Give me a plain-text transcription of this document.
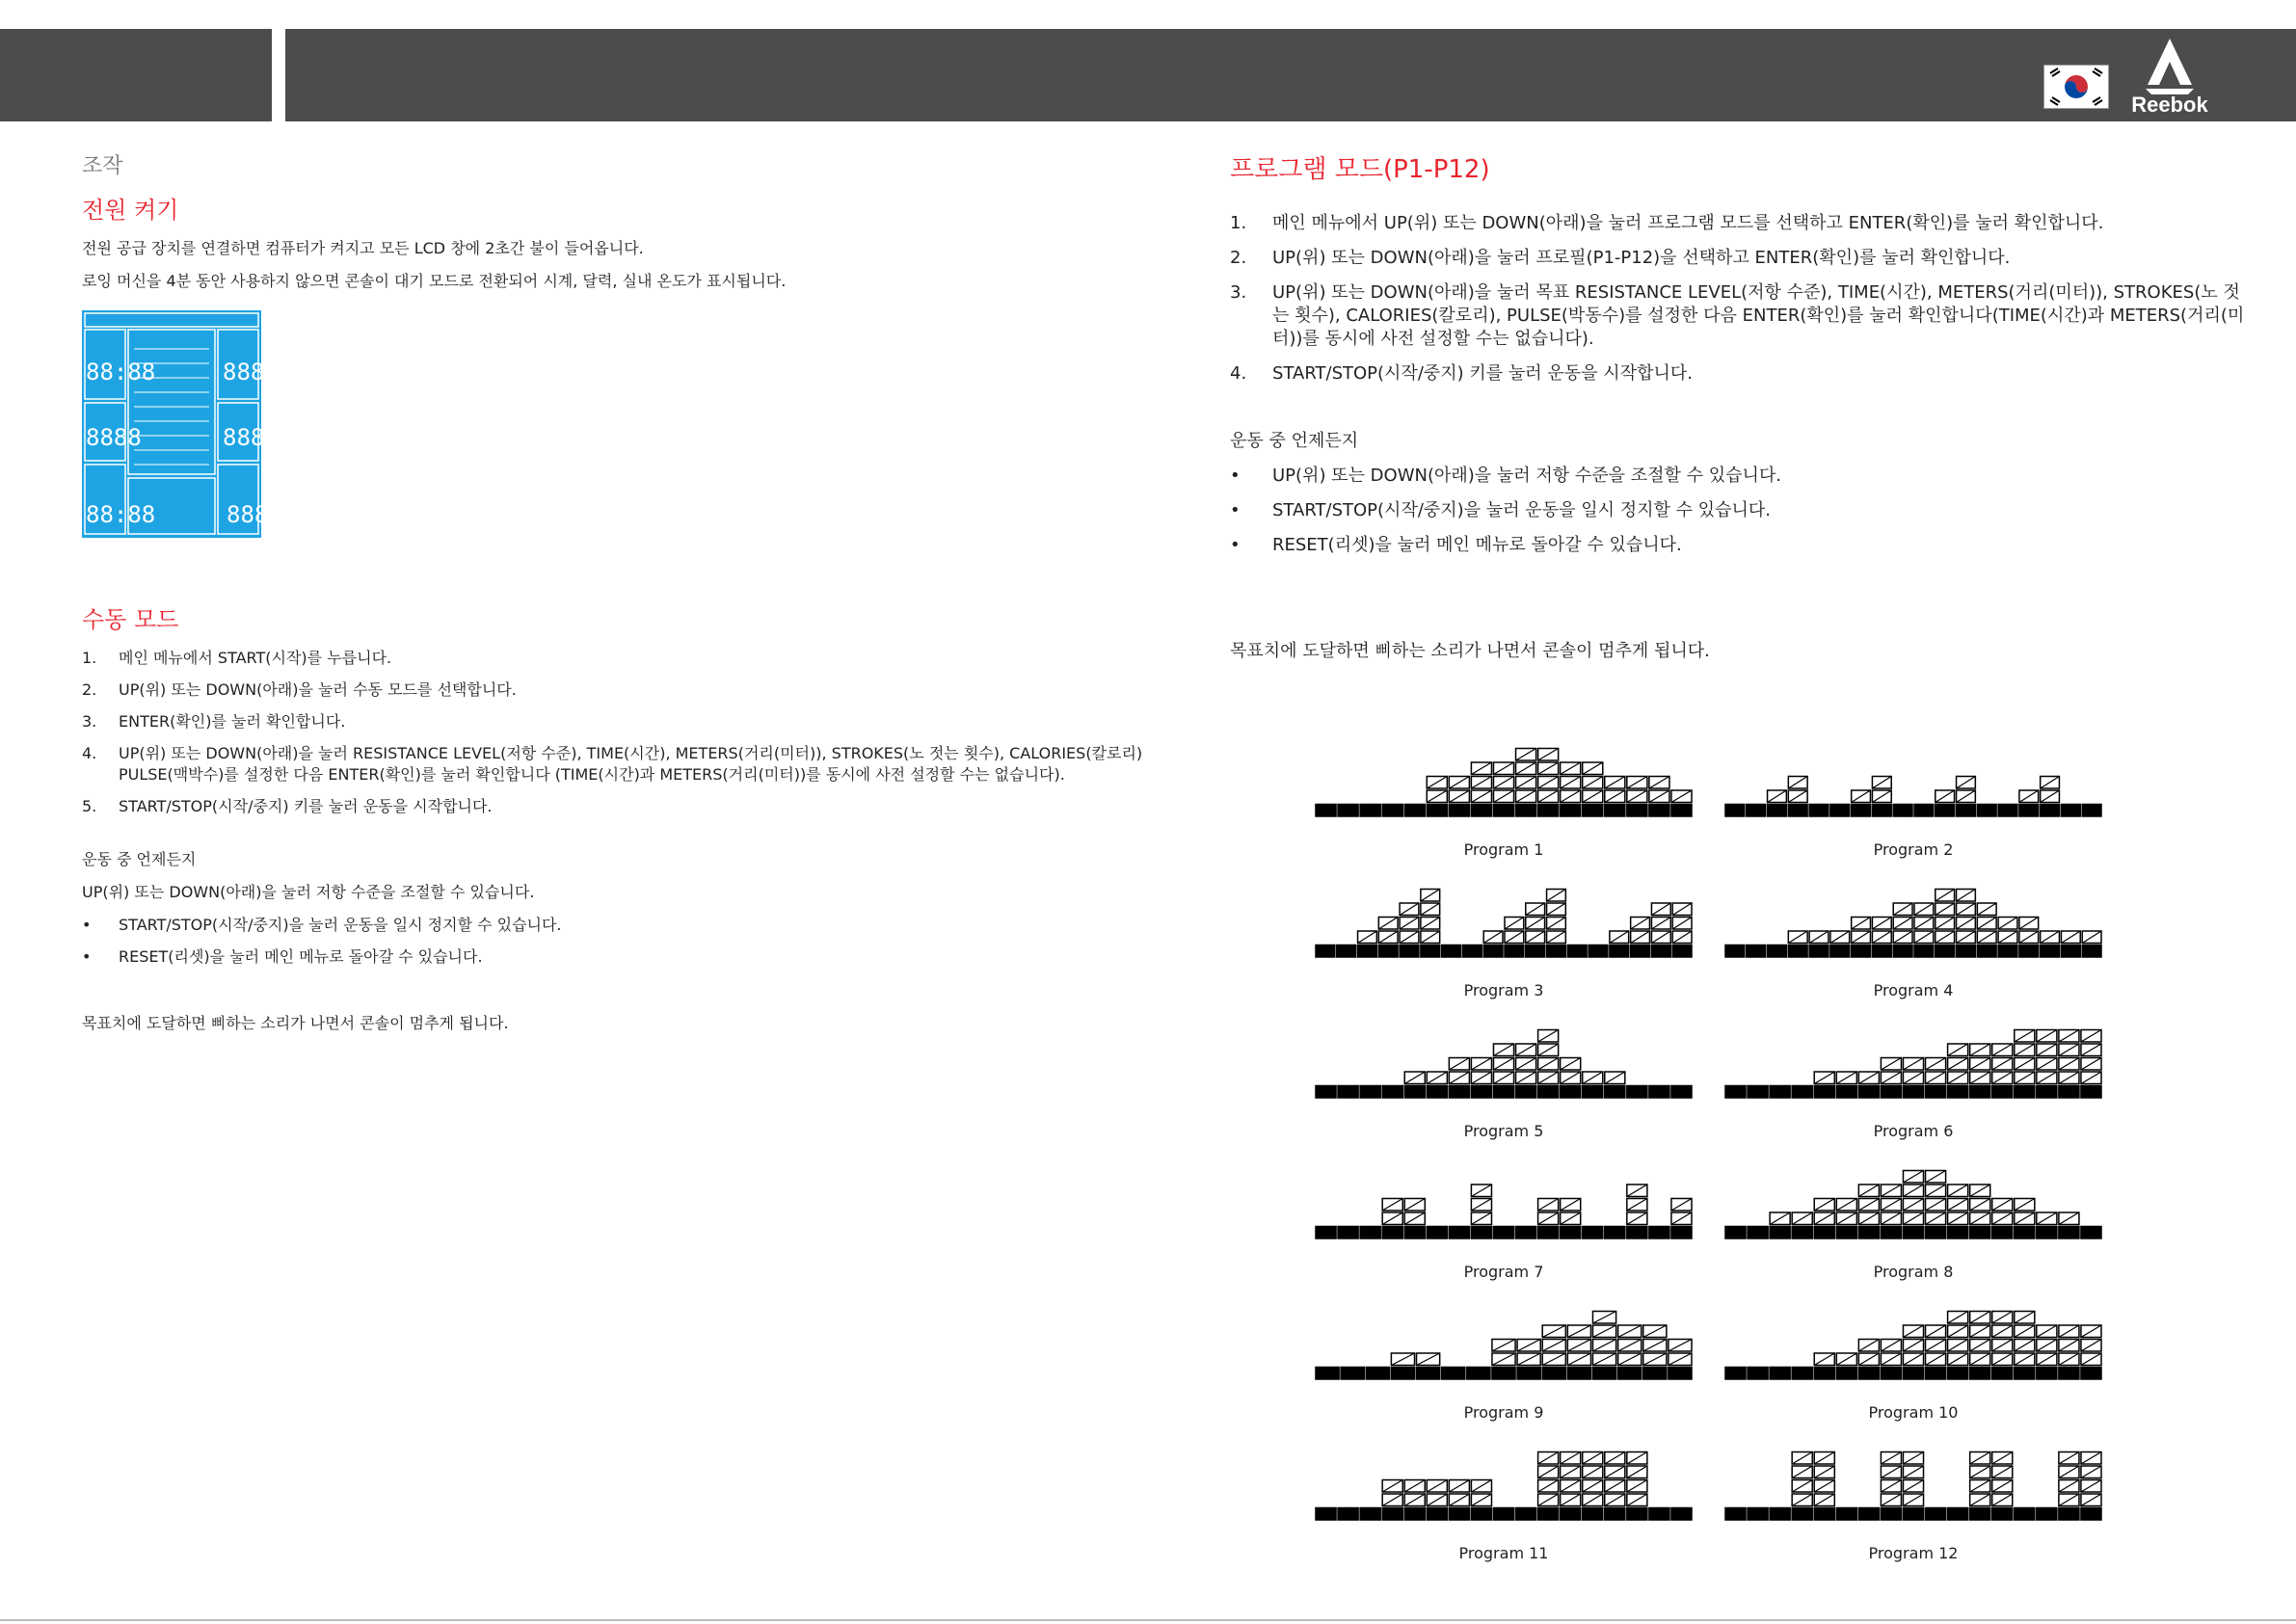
Reebok
조작
전원 켜기

전원 공급 장치를 연결하면 컴퓨터가 켜지고 모든 LCD 창에 2초간 불이 들어옵니다.

로잉 머신을 4분 동안 사용하지 않으면 콘솔이 대기 모드로 전환되어 시계, 달력, 실내 온도가 표시됩니다.

88:88	8888
8888	8888
88:88	888
수동 모드
1.	메인 메뉴에서 START(시작)를 누릅니다.
2.	UP(위) 또는 DOWN(아래)을 눌러 수동 모드를 선택합니다.
3.	ENTER(확인)를 눌러 확인합니다.
4.	UP(위) 또는 DOWN(아래)을 눌러 RESISTANCE LEVEL(저항 수준), TIME(시간), METERS(거리(미터)), STROKES(노 젓는 횟수), CALORIES(칼로리) PULSE(맥박수)를 설정한 다음 ENTER(확인)를 눌러 확인합니다 (TIME(시간)과 METERS(거리(미터))를 동시에 사전 설정할 수는 없습니다).
5.	START/STOP(시작/중지) 키를 눌러 운동을 시작합니다.

운동 중 언제든지

UP(위) 또는 DOWN(아래)을 눌러 저항 수준을 조절할 수 있습니다.

•	START/STOP(시작/중지)을 눌러 운동을 일시 정지할 수 있습니다.
•	RESET(리셋)을 눌러 메인 메뉴로 돌아갈 수 있습니다.

목표치에 도달하면 삐하는 소리가 나면서 콘솔이 멈추게 됩니다.

프로그램 모드(P1-P12)
1.	메인 메뉴에서 UP(위) 또는 DOWN(아래)을 눌러 프로그램 모드를 선택하고 ENTER(확인)를 눌러 확인합니다.
2.	UP(위) 또는 DOWN(아래)을 눌러 프로필(P1-P12)을 선택하고 ENTER(확인)를 눌러 확인합니다.
3.	UP(위) 또는 DOWN(아래)을 눌러 목표 RESISTANCE LEVEL(저항 수준), TIME(시간), METERS(거리(미터)), STROKES(노 젓는 횟수), CALORIES(칼로리), PULSE(박동수)를 설정한 다음 ENTER(확인)를 눌러 확인합니다(TIME(시간)과 METERS(거리(미터))를 동시에 사전 설정할 수는 없습니다).
4.	START/STOP(시작/중지) 키를 눌러 운동을 시작합니다.

운동 중 언제든지

•	UP(위) 또는 DOWN(아래)을 눌러 저항 수준을 조절할 수 있습니다.
•	START/STOP(시작/중지)을 눌러 운동을 일시 정지할 수 있습니다.
•	RESET(리셋)을 눌러 메인 메뉴로 돌아갈 수 있습니다.

목표치에 도달하면 삐하는 소리가 나면서 콘솔이 멈추게 됩니다.

Program 1	Program 2
Program 3	Program 4
Program 5	Program 6
Program 7	Program 8
Program 9	Program 10
Program 11	Program 12
